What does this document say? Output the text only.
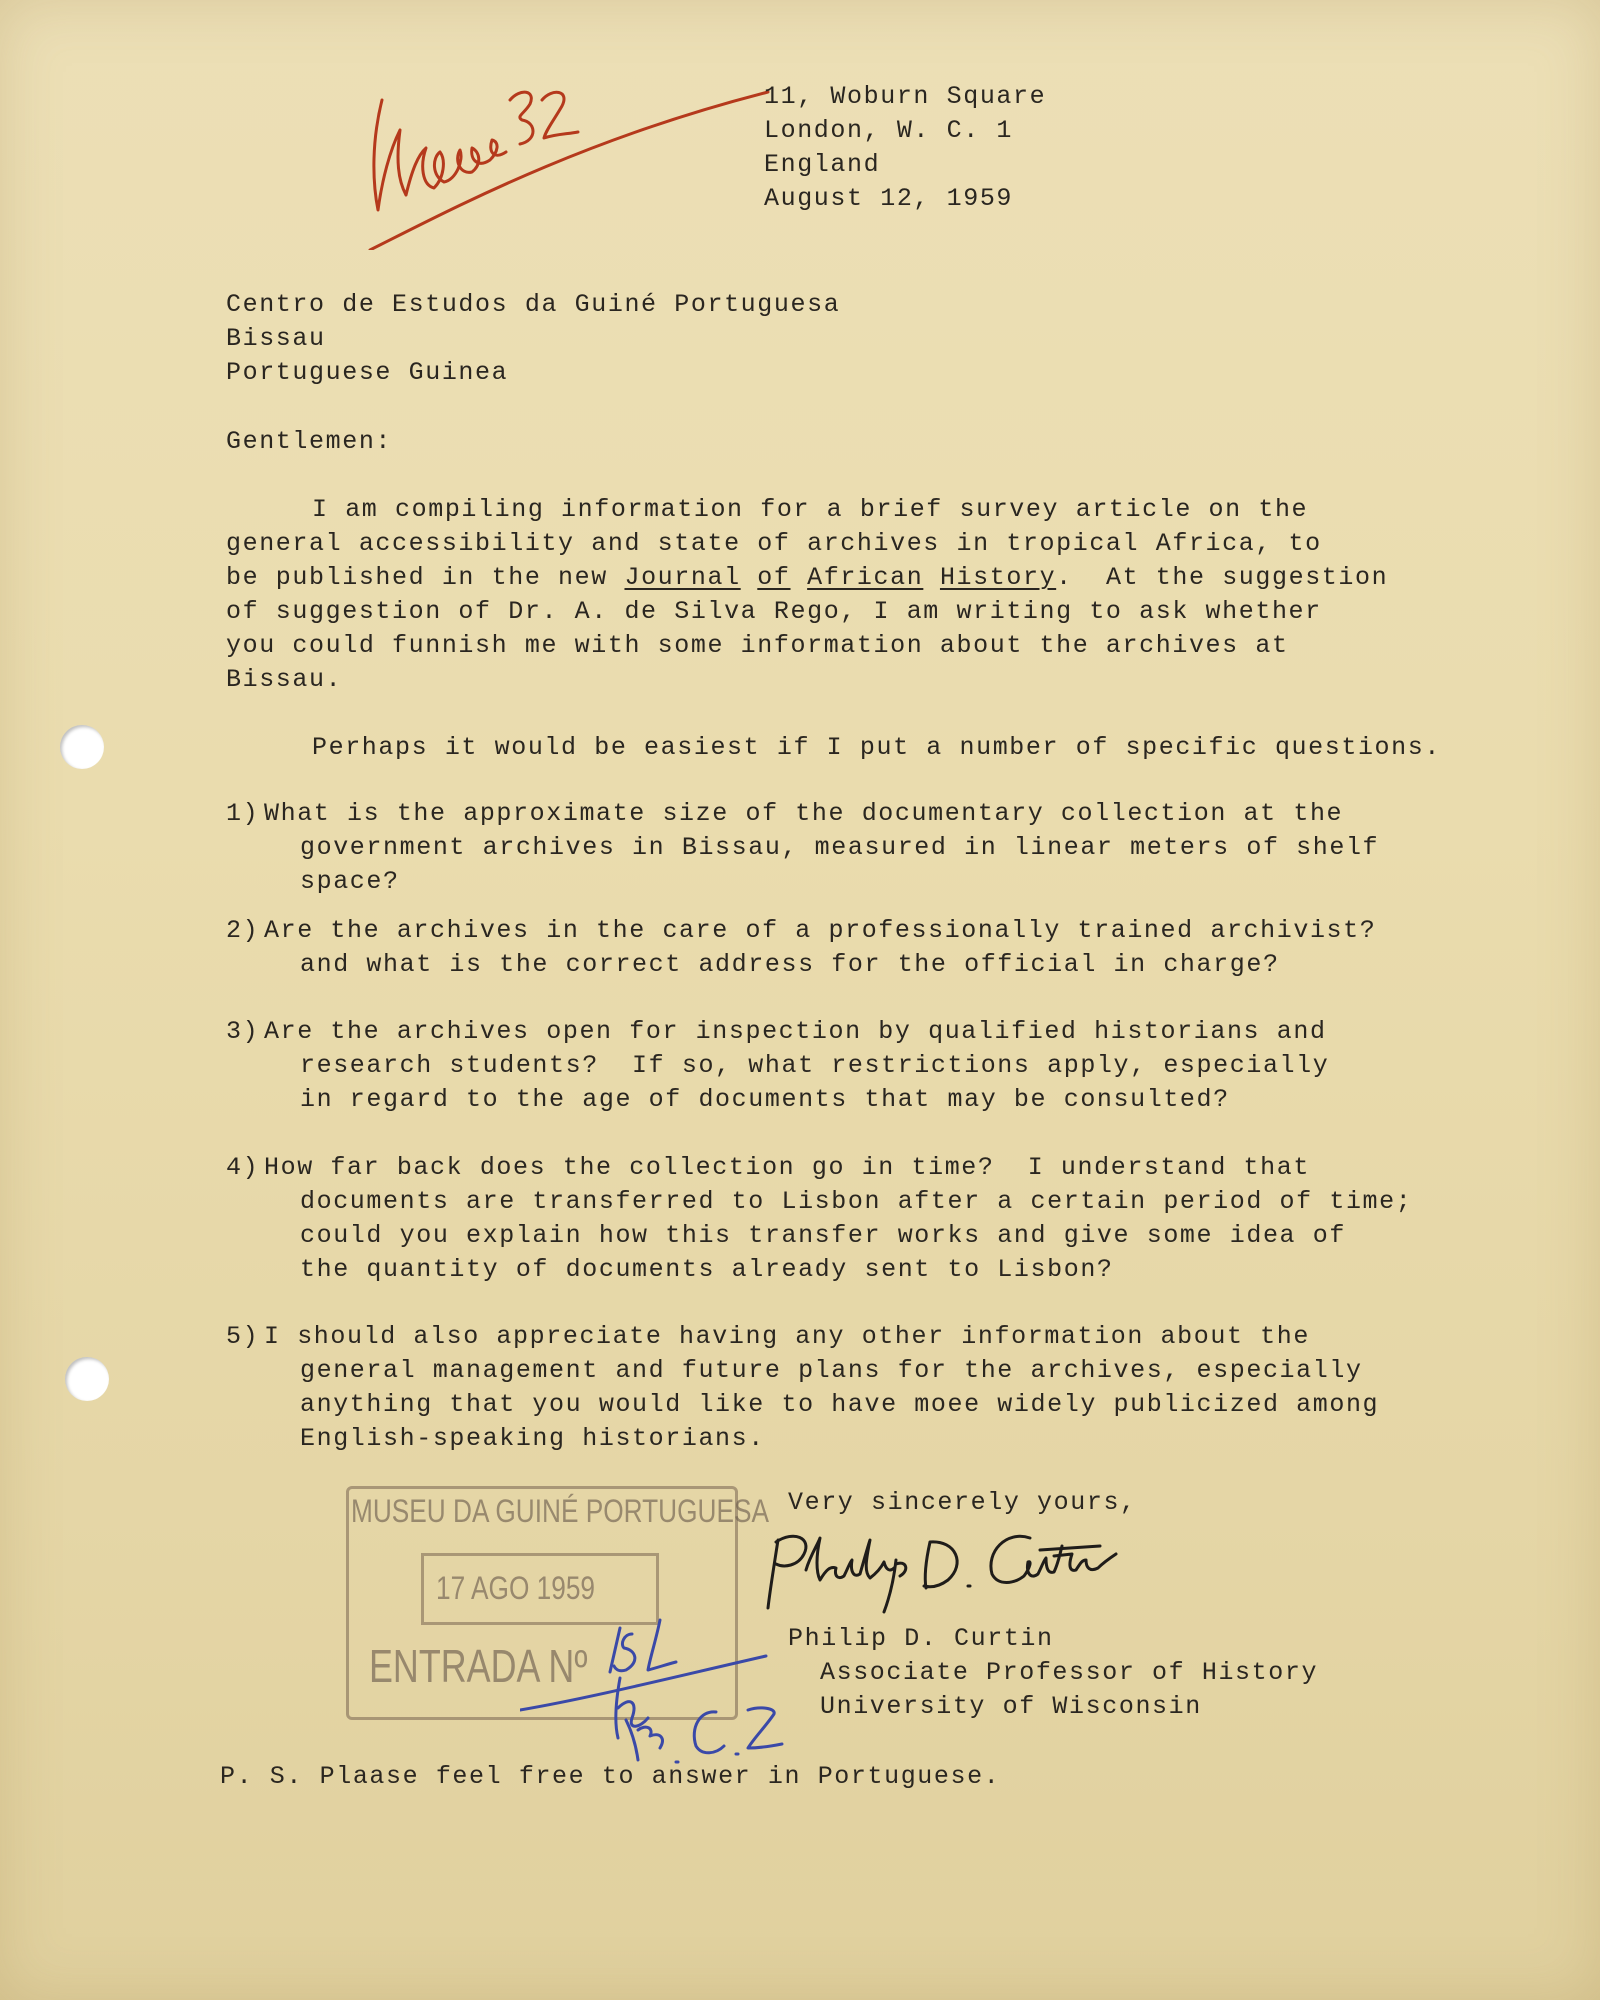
11, Woburn Square

London, W. C. 1

England

August 12, 1959

Centro de Estudos da Guiné Portuguesa

Bissau

Portuguese Guinea

Gentlemen:

I am compiling information for a brief survey article on the

general accessibility and state of archives in tropical Africa, to

be published in the new Journal of African History.  At the suggestion

of suggestion of Dr. A. de Silva Rego, I am writing to ask whether

you could funnish me with some information about the archives at

Bissau.

Perhaps it would be easiest if I put a number of specific questions.

1)

What is the approximate size of the documentary collection at the
government archives in Bissau, measured in linear meters of shelf
space?

2)

Are the archives in the care of a professionally trained archivist?
and what is the correct address for the official in charge?

3)

Are the archives open for inspection by qualified historians and
research students?  If so, what restrictions apply, especially
in regard to the age of documents that may be consulted?

4)

How far back does the collection go in time?  I understand that
documents are transferred to Lisbon after a certain period of time;
could you explain how this transfer works and give some idea of
the quantity of documents already sent to Lisbon?

5)

I should also appreciate having any other information about the
general management and future plans for the archives, especially
anything that you would like to have moee widely publicized among
English-speaking historians.

MUSEU DA GUINÉ PORTUGUESA
17 AGO 1959
ENTRADA Nº

Very sincerely yours,

Philip D. Curtin

Associate Professor of History

University of Wisconsin

P. S. Plaase feel free to answer in Portuguese.
